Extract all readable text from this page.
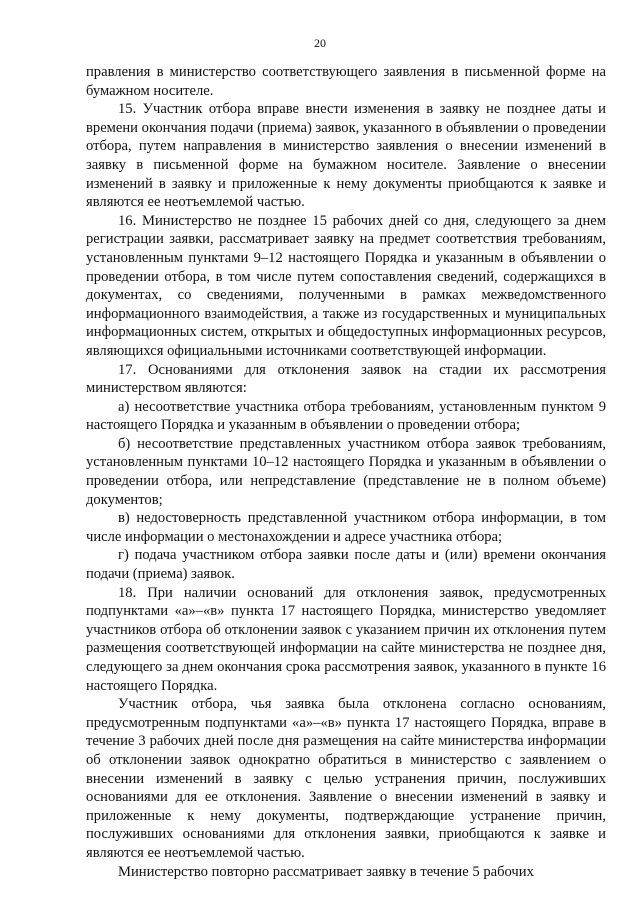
20

правления в министерство соответствующего заявления в письменной форме на бумажном носителе.

15. Участник отбора вправе внести изменения в заявку не позднее даты и времени окончания подачи (приема) заявок, указанного в объявлении о проведении отбора, путем направления в министерство заявления о внесении изменений в заявку в письменной форме на бумажном носителе. Заявление о внесении изменений в заявку и приложенные к нему документы приобщаются к заявке и являются ее неотъемлемой частью.

16. Министерство не позднее 15 рабочих дней со дня, следующего за днем регистрации заявки, рассматривает заявку на предмет соответствия требованиям, установленным пунктами 9–12 настоящего Порядка и указанным в объявлении о проведении отбора, в том числе путем сопоставления сведений, содержащихся в документах, со сведениями, полученными в рамках межведомственного информационного взаимодействия, а также из государственных и муниципальных информационных систем, открытых и общедоступных информационных ресурсов, являющихся официальными источниками соответствующей информации.

17. Основаниями для отклонения заявок на стадии их рассмотрения министерством являются:

а) несоответствие участника отбора требованиям, установленным пунктом 9 настоящего Порядка и указанным в объявлении о проведении отбора;

б) несоответствие представленных участником отбора заявок требованиям, установленным пунктами 10–12 настоящего Порядка и указанным в объявлении о проведении отбора, или непредставление (представление не в полном объеме) документов;

в) недостоверность представленной участником отбора информации, в том числе информации о местонахождении и адресе участника отбора;

г) подача участником отбора заявки после даты и (или) времени окончания подачи (приема) заявок.

18. При наличии оснований для отклонения заявок, предусмотренных подпунктами «а»–«в» пункта 17 настоящего Порядка, министерство уведомляет участников отбора об отклонении заявок с указанием причин их отклонения путем размещения соответствующей информации на сайте министерства не позднее дня, следующего за днем окончания срока рассмотрения заявок, указанного в пункте 16 настоящего Порядка.

Участник отбора, чья заявка была отклонена согласно основаниям, предусмотренным подпунктами «а»–«в» пункта 17 настоящего Порядка, вправе в течение 3 рабочих дней после дня размещения на сайте министерства информации об отклонении заявок однократно обратиться в министерство с заявлением о внесении изменений в заявку с целью устранения причин, послуживших основаниями для ее отклонения. Заявление о внесении изменений в заявку и приложенные к нему документы, подтверждающие устранение причин, послуживших основаниями для отклонения заявки, приобщаются к заявке и являются ее неотъемлемой частью.

Министерство повторно рассматривает заявку в течение 5 рабочих
